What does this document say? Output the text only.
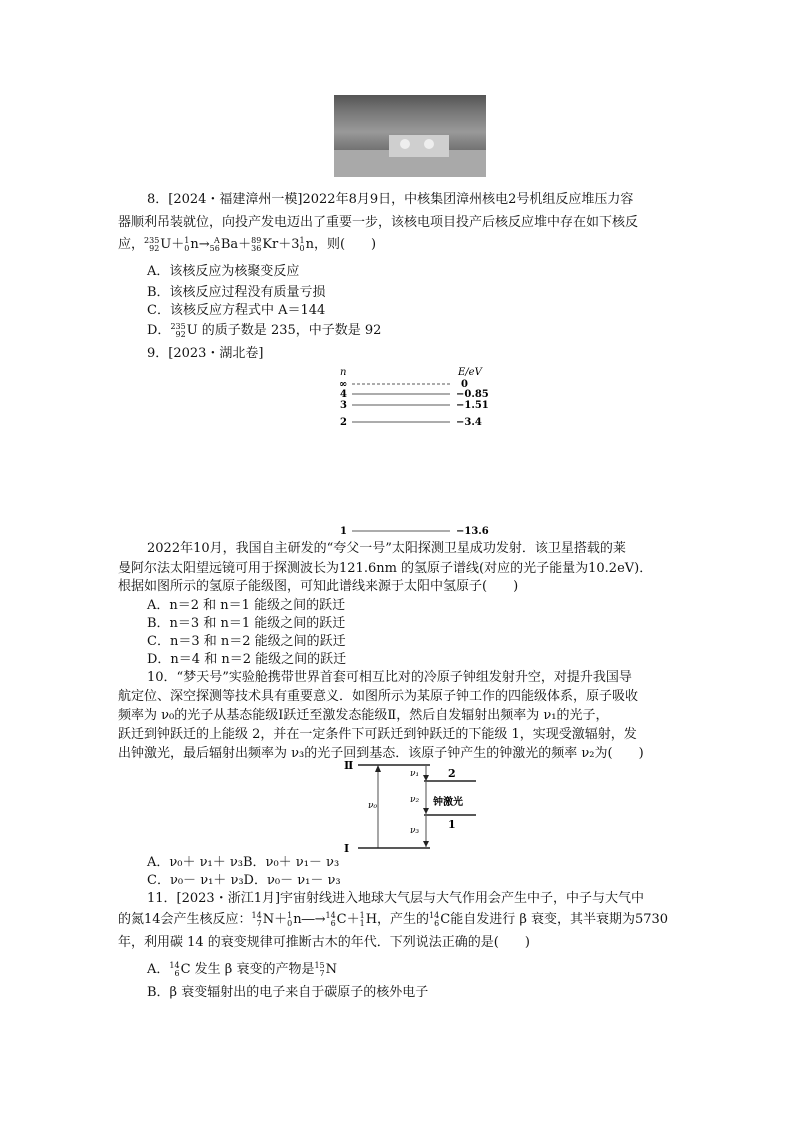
8．[2024・福建漳州一模]2022年8月9日，中核集团漳州核电2号机组反应堆压力容
器顺利吊装就位，向投产发电迈出了重要一步，该核电项目投产后核反应堆中存在如下核反
应， 235
92 U＋ 1
0 n→ A
56 Ba＋ 89
36 Kr＋3 1
0 n，则(　　)
A．该核反应为核聚变反应
B．该核反应过程没有质量亏损
C．该核反应方程式中 A＝144
D． 235
92 U 的质子数是 235，中子数是 92
9．[2023・湖北卷]
n	E/eV
∞	0
4	−0.85
3	−1.51
2	−3.4
1	−13.6
2022年10月，我国自主研发的“夸父一号”太阳探测卫星成功发射．该卫星搭载的莱
曼阿尔法太阳望远镜可用于探测波长为121.6nm 的氢原子谱线(对应的光子能量为10.2eV)．
根据如图所示的氢原子能级图，可知此谱线来源于太阳中氢原子(　　)
A．n＝2 和 n＝1 能级之间的跃迁
B．n＝3 和 n＝1 能级之间的跃迁
C．n＝3 和 n＝2 能级之间的跃迁
D．n＝4 和 n＝2 能级之间的跃迁
10．“梦天号”实验舱携带世界首套可相互比对的冷原子钟组发射升空，对提升我国导
航定位、深空探测等技术具有重要意义．如图所示为某原子钟工作的四能级体系，原子吸收
频率为 ν₀的光子从基态能级Ⅰ跃迁至激发态能级Ⅱ，然后自发辐射出频率为 ν₁的光子，
跃迁到钟跃迁的上能级 2，并在一定条件下可跃迁到钟跃迁的下能级 1，实现受激辐射，发
出钟激光，最后辐射出频率为 ν₃的光子回到基态．该原子钟产生的钟激光的频率 ν₂为(　　)
Ⅱ
ν₀
ν₁	2
ν₂ 钟激光
1
ν₃
Ⅰ
A．ν₀＋ ν₁＋ ν₃B．ν₀＋ ν₁－ ν₃
C．ν₀－ ν₁＋ ν₃D．ν₀－ ν₁－ ν₃
11．[2023・浙江1月]宇宙射线进入地球大气层与大气作用会产生中子，中子与大气中
的氮14会产生核反应： 14
7 N＋ 1
0 n―→ 14
6 C＋ 1
1 H，产生的 14
6 C能自发进行 β 衰变，其半衰期为5730
年，利用碳 14 的衰变规律可推断古木的年代．下列说法正确的是(　　)
A． 14
6 C 发生 β 衰变的产物是 15
7 N
B．β 衰变辐射出的电子来自于碳原子的核外电子
